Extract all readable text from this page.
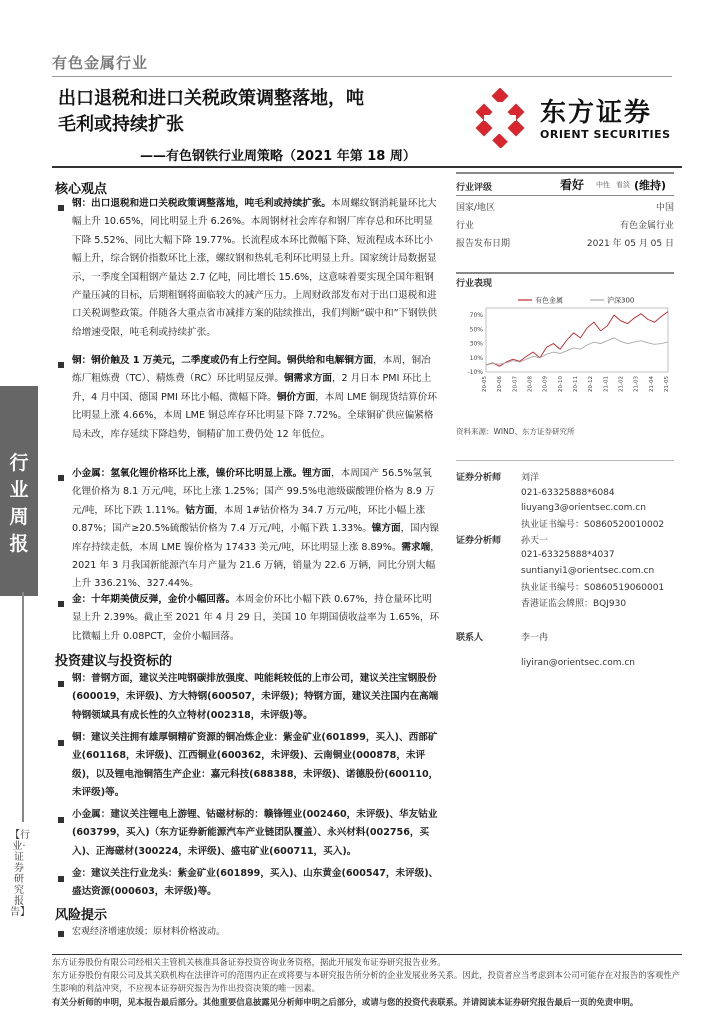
有色金属行业
出口退税和进口关税政策调整落地，吨
毛利或持续扩张
——有色钢铁行业周策略（2021 年第 18 周）
东方证券
ORIENT SECURITIES
行业周报
【行业·证券研究报告】
核心观点
钢：出口退税和进口关税政策调整落地，吨毛利或持续扩张。本周螺纹钢消耗量环比大幅上升 10.65%，同比明显上升 6.26%。本周钢材社会库存和钢厂库存总和环比明显下降 5.52%、同比大幅下降 19.77%。长流程成本环比微幅下降、短流程成本环比小幅上升，综合钢价指数环比上涨，螺纹钢和热轧毛利环比明显上升。国家统计局数据显示，一季度全国粗钢产量达 2.7 亿吨，同比增长 15.6%，这意味着要实现全国年粗钢产量压减的目标，后期粗钢将面临较大的减产压力。上周财政部发布对于出口退税和进口关税调整政策。伴随各大重点省市减排方案的陆续推出，我们判断“碳中和”下钢铁供给增速受限，吨毛利或持续扩张。
铜：铜价触及 1 万美元，二季度或仍有上行空间。铜供给和电解铜方面，本周，铜冶炼厂粗炼费（TC）、精炼费（RC）环比明显反弹。铜需求方面，2 月日本 PMI 环比上升，4 月中国、德国 PMI 环比小幅、微幅下降。铜价方面，本周 LME 铜现货结算价环比明显上涨 4.66%，本周 LME 铜总库存环比明显下降 7.72%。全球铜矿供应偏紧格局未改，库存延续下降趋势，铜精矿加工费仍处 12 年低位。
小金属：氢氧化锂价格环比上涨，镍价环比明显上涨。锂方面，本周国产 56.5%氢氧化锂价格为 8.1 万元/吨，环比上涨 1.25%；国产 99.5%电池级碳酸锂价格为 8.9 万元/吨，环比下跌 1.11%。钴方面，本周 1#钴价格为 34.7 万元/吨，环比小幅上涨 0.87%；国产≥20.5%硫酸钴价格为 7.4 万元/吨，小幅下跌 1.33%。镍方面，国内镍库存持续走低，本周 LME 镍价格为 17433 美元/吨，环比明显上涨 8.89%。需求端，2021 年 3 月我国新能源汽车月产量为 21.6 万辆，销量为 22.6 万辆，同比分别大幅上升 336.21%、327.44%。
金：十年期美债反弹，金价小幅回落。本周金价环比小幅下跌 0.67%，持仓量环比明显上升 2.39%。截止至 2021 年 4 月 29 日，美国 10 年期国债收益率为 1.65%，环比微幅上升 0.08PCT，金价小幅回落。
投资建议与投资标的
钢：普钢方面，建议关注吨钢碳排放强度、吨能耗较低的上市公司，建议关注宝钢股份(600019，未评级)、方大特钢(600507，未评级)；特钢方面，建议关注国内在高端特钢领域具有成长性的久立特材(002318，未评级)等。
铜：建议关注拥有雄厚铜精矿资源的铜冶炼企业：紫金矿业(601899，买入)、西部矿业(601168，未评级)、江西铜业(600362，未评级)、云南铜业(000878，未评级)，以及锂电池铜箔生产企业：嘉元科技(688388，未评级)、诺德股份(600110，未评级)等。
小金属：建议关注锂电上游锂、钴磁材标的：赣锋锂业(002460，未评级)、华友钴业(603799，买入)（东方证券新能源汽车产业链团队覆盖）、永兴材料(002756，买入)、正海磁材(300224，未评级)、盛屯矿业(600711，买入)。
金：建议关注行业龙头：紫金矿业(601899，买入)、山东黄金(600547，未评级)、盛达资源(000603，未评级)等。
风险提示
宏观经济增速放缓；原材料价格波动。
行业评级	看好 中性 看淡 (维持)
国家/地区	中国
行业	有色金属行业
报告发布日期	2021 年 05 月 05 日
行业表现
70%
50%
30%
10%
-10%
20-05 20-06 20-07 20-08 20-09 20-10 20-11 20-12 21-01 21-02 21-03 21-04 21-05
有色金属	沪深300
资料来源：WIND、东方证券研究所
证券分析师 刘洋
021-63325888*6084
liuyang3@orientsec.com.cn
执业证书编号：S0860520010002
证券分析师 孙天一
021-63325888*4037
suntianyi1@orientsec.com.cn
执业证书编号：S0860519060001
香港证监会牌照：BQJ930
联系人	李一冉
liyiran@orientsec.com.cn
东方证券股份有限公司经相关主管机关核准具备证券投资咨询业务资格，据此开展发布证券研究报告业务。
东方证券股份有限公司及其关联机构在法律许可的范围内正在或将要与本研究报告所分析的企业发展业务关系。因此，投资者应当考虑到本公司可能存在对报告的客观性产生影响的利益冲突，不应视本证券研究报告为作出投资决策的唯一因素。
有关分析师的申明，见本报告最后部分。其他重要信息披露见分析师申明之后部分，或请与您的投资代表联系。并请阅读本证券研究报告最后一页的免责申明。
